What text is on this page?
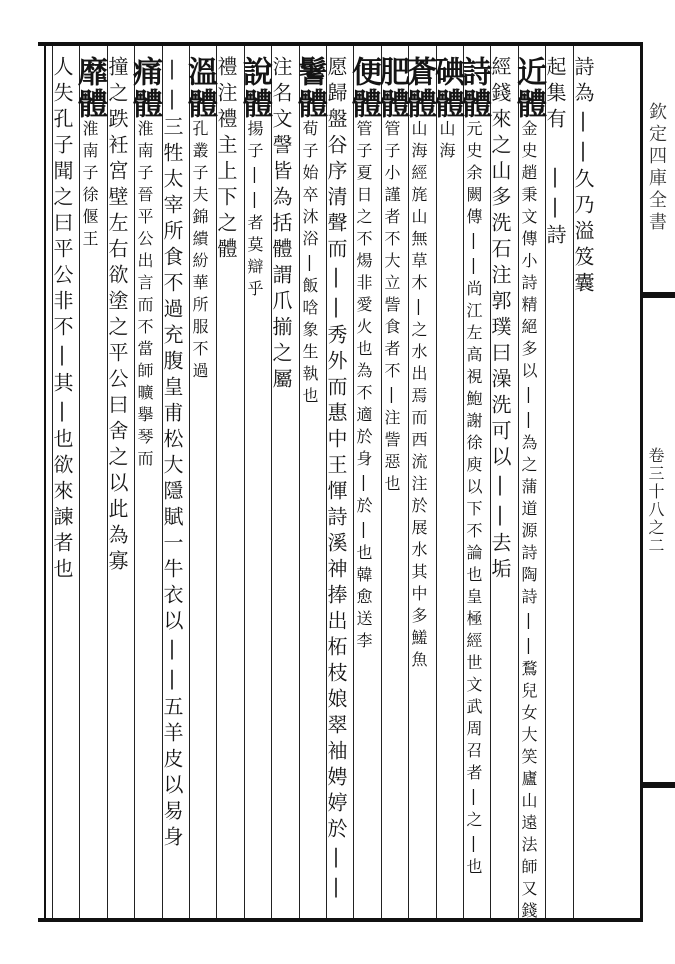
欽定四庫全書
卷三十八之二
詩為||久乃溢笈囊
起集有 ||詩
近體金史趙秉文傳小詩精絕多以||為之蒲道源詩陶詩||鶩兒女大笑廬山遠法師又錢
經錢來之山多洗石注郭璞曰澡洗可以||去垢
詩體元史余闕傳||尚江左高視鮑謝徐庾以下不論也皇極經世文武周召者|之|也
碘體山海
蒼體山海經旄山無草木|之水出焉而西流注於展水其中多鱃魚
肥體管子小謹者不大立訾食者不|注訾惡也
便體管子夏日之不煬非愛火也為不適於身|於|也韓愈送李
愿歸盤谷序清聲而||秀外而惠中王惲詩溪神捧出柘枝娘翠袖娉婷於||
鬐體荀子始卒沐浴|飯唅象生執也
注名文謦皆為括體謂爪揃之屬
說體揚子||者莫辯乎
禮注禮主上下之體
溫體孔叢子夫錦繢紛華所服不過
||三牲太宰所食不過充腹皇甫松大隱賦一牛衣以||五羊皮以易身
痛體淮南子晉平公出言而不當師曠擧琴而
撞之跌衽宮壁左右欲塗之平公曰舍之以此為寡
靡體淮南子徐偃王
人失孔子聞之曰平公非不|其|也欲來諫者也
